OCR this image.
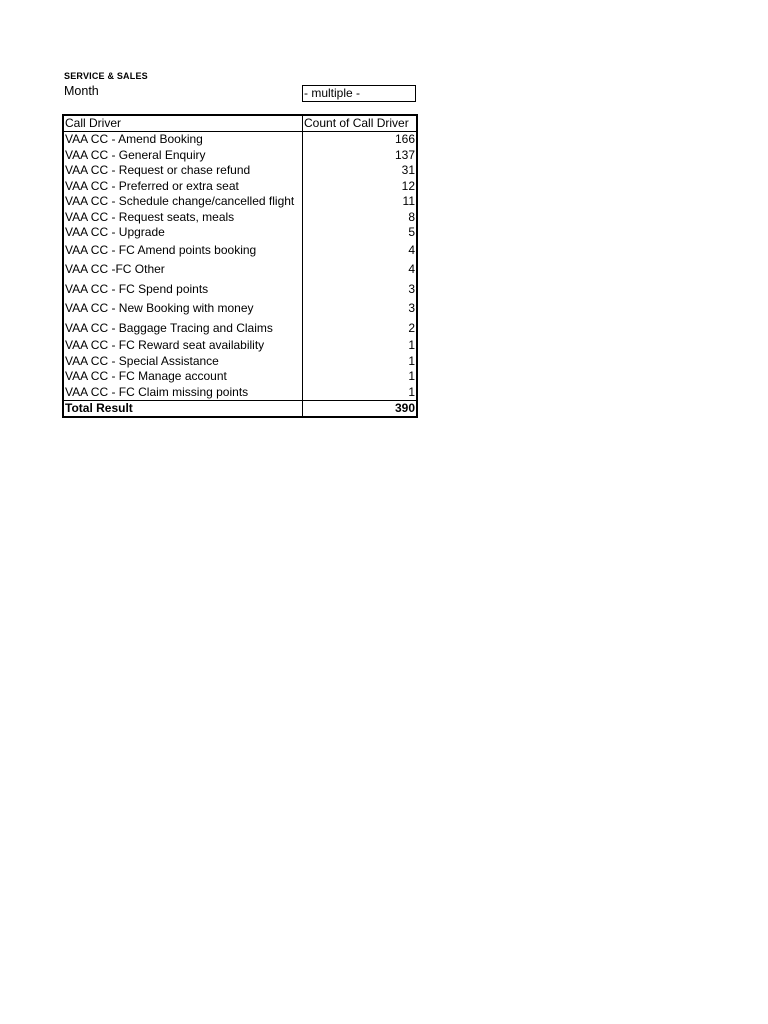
SERVICE & SALES
Month	- multiple -
Call Driver	Count of Call Driver
VAA CC - Amend Booking	166
VAA CC - General Enquiry	137
VAA CC - Request or chase refund	31
VAA CC - Preferred or extra seat	12
VAA CC - Schedule change/cancelled flight	11
VAA CC - Request seats, meals	8
VAA CC - Upgrade	5
VAA CC - FC Amend points booking	4
VAA CC -FC Other	4
VAA CC - FC Spend points	3
VAA CC - New Booking with money	3
VAA CC - Baggage Tracing and Claims	2
VAA CC - FC Reward seat availability	1
VAA CC - Special Assistance	1
VAA CC - FC Manage account	1
VAA CC - FC Claim missing points	1
Total Result	390
